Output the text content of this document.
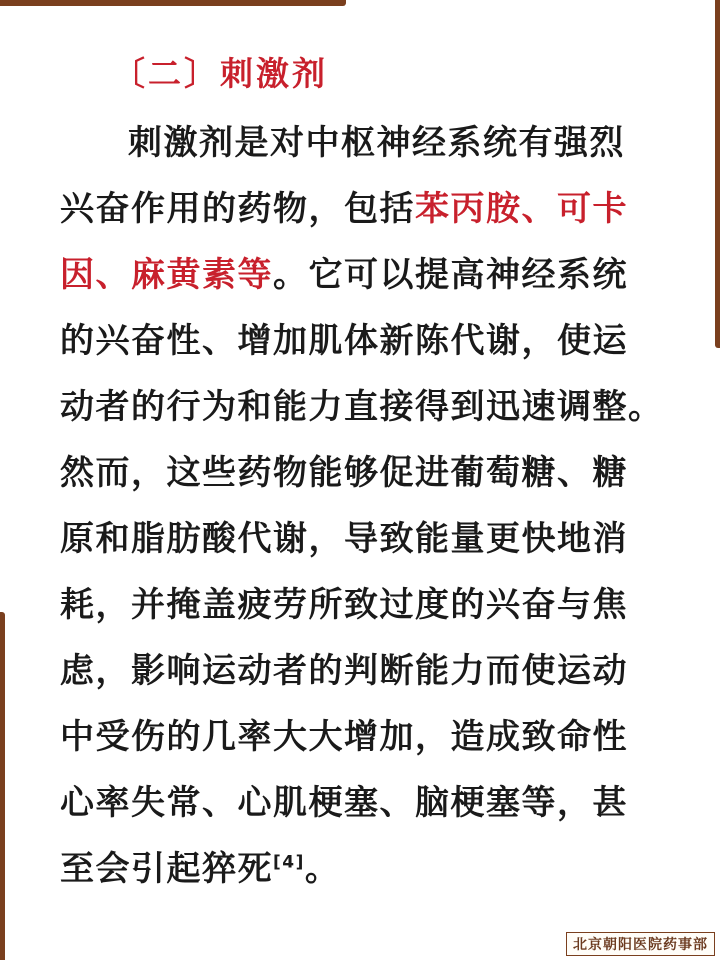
〔二〕刺激剂
刺激剂是对中枢神经系统有强烈
兴奋作用的药物，包括苯丙胺、可卡
因、麻黄素等。它可以提高神经系统
的兴奋性、增加肌体新陈代谢，使运
动者的行为和能力直接得到迅速调整。
然而，这些药物能够促进葡萄糖、糖
原和脂肪酸代谢，导致能量更快地消
耗，并掩盖疲劳所致过度的兴奋与焦
虑，影响运动者的判断能力而使运动
中受伤的几率大大增加，造成致命性
心率失常、心肌梗塞、脑梗塞等，甚
至会引起猝死[4]。
北京朝阳医院药事部
